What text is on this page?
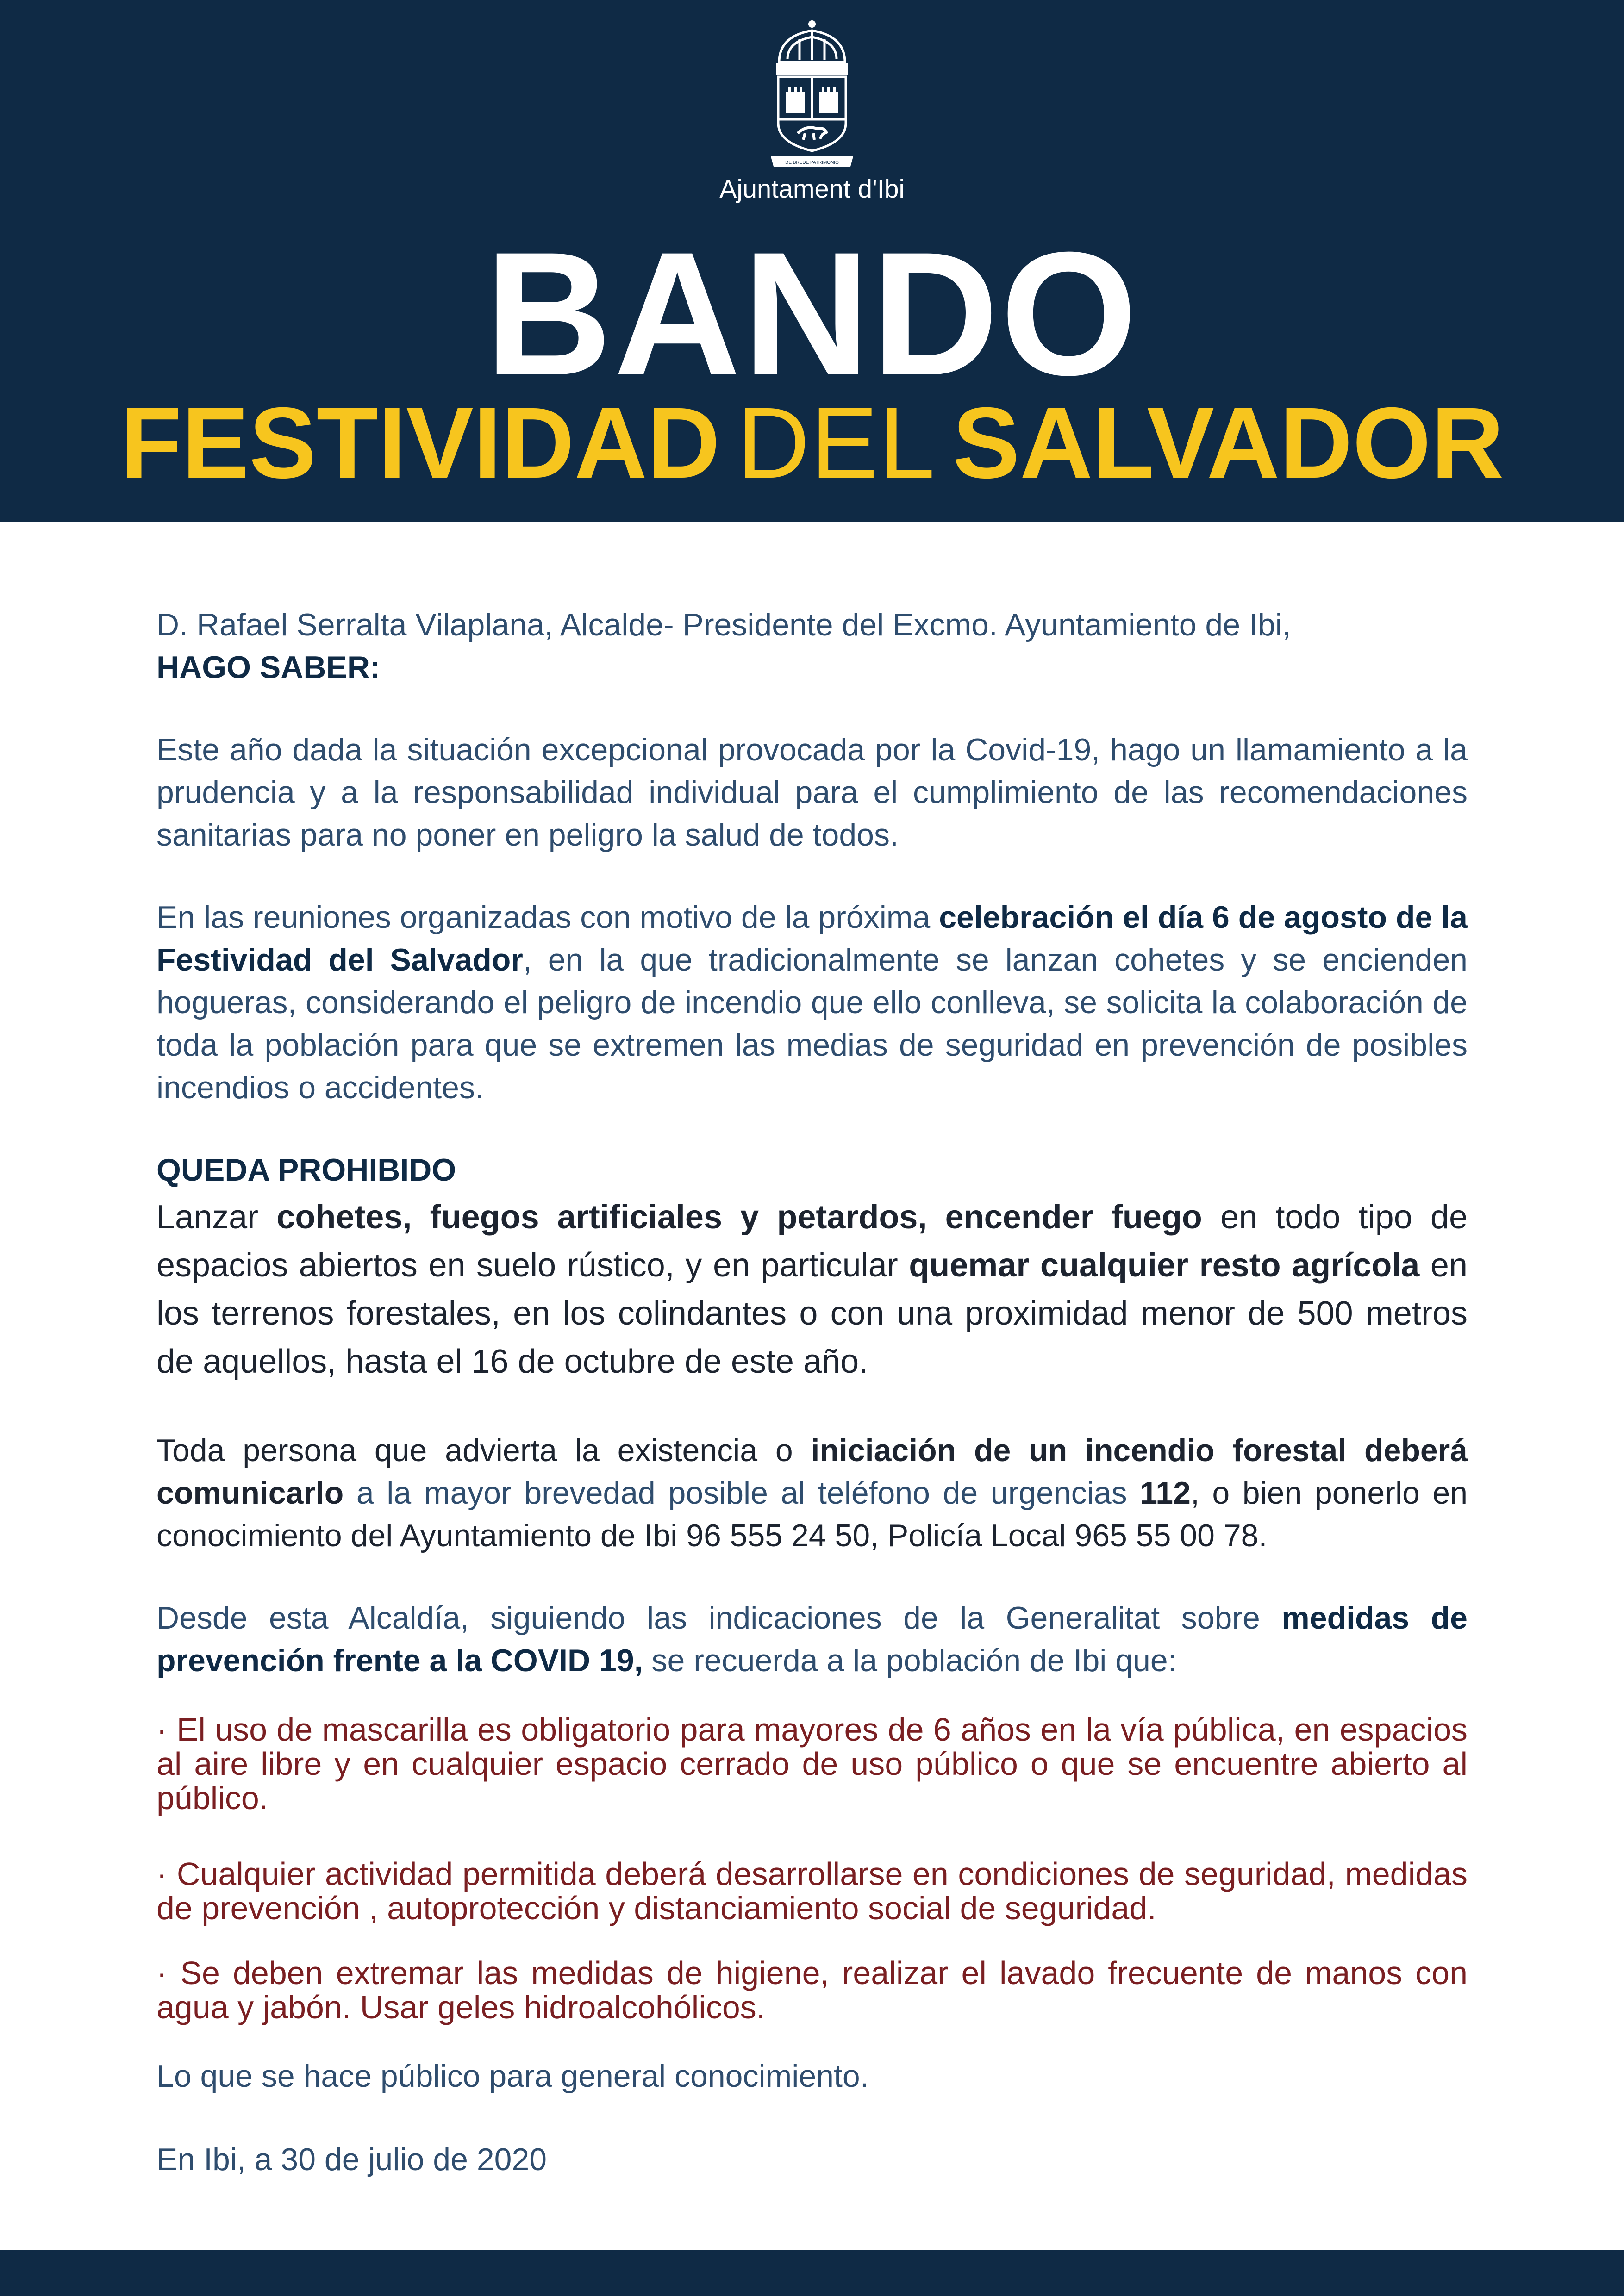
DE BREDE PATRIMONIO
Ajuntament d'Ibi
BANDO
FESTIVIDAD DEL SALVADOR

D. Rafael Serralta Vilaplana, Alcalde- Presidente del Excmo. Ayuntamiento de Ibi,

HAGO SABER:

Este año dada la situación excepcional provocada por la Covid-19, hago un llamamiento a la prudencia y a la responsabilidad individual para el cumplimiento de las recomendaciones sanitarias para no poner en peligro la salud de todos.

En las reuniones organizadas con motivo de la próxima celebración el día 6 de agosto de la Festividad del Salvador, en la que tradicionalmente se lanzan cohetes y se encienden hogueras, considerando el peligro de incendio que ello conlleva, se solicita la colaboración de toda la población para que se extremen las medias de seguridad en prevención de posibles incendios o accidentes.

QUEDA PROHIBIDO

Lanzar cohetes, fuegos artificiales y petardos, encender fuego en todo tipo de espacios abiertos en suelo rústico, y en particular quemar cualquier resto agrícola en los terrenos forestales, en los colindantes o con una proximidad menor de 500 metros de aquellos, hasta el 16 de octubre de este año.

Toda persona que advierta la existencia o iniciación de un incendio forestal deberá comunicarlo a la mayor brevedad posible al teléfono de urgencias 112, o bien ponerlo en conocimiento del Ayuntamiento de Ibi 96 555 24 50, Policía Local 965 55 00 78.

Desde esta Alcaldía, siguiendo las indicaciones de la Generalitat sobre medidas de prevención frente a la COVID 19, se recuerda a la población de Ibi que:

· El uso de mascarilla es obligatorio para mayores de 6 años en la vía pública, en espacios al aire libre y en cualquier espacio cerrado de uso público o que se encuentre abierto al público.

· Cualquier actividad permitida deberá desarrollarse en condiciones de seguridad, medidas de prevención , autoprotección y distanciamiento social de seguridad.

· Se deben extremar las medidas de higiene, realizar el lavado frecuente de manos con agua y jabón. Usar geles hidroalcohólicos.

Lo que se hace público para general conocimiento.

En Ibi, a 30 de julio de 2020
